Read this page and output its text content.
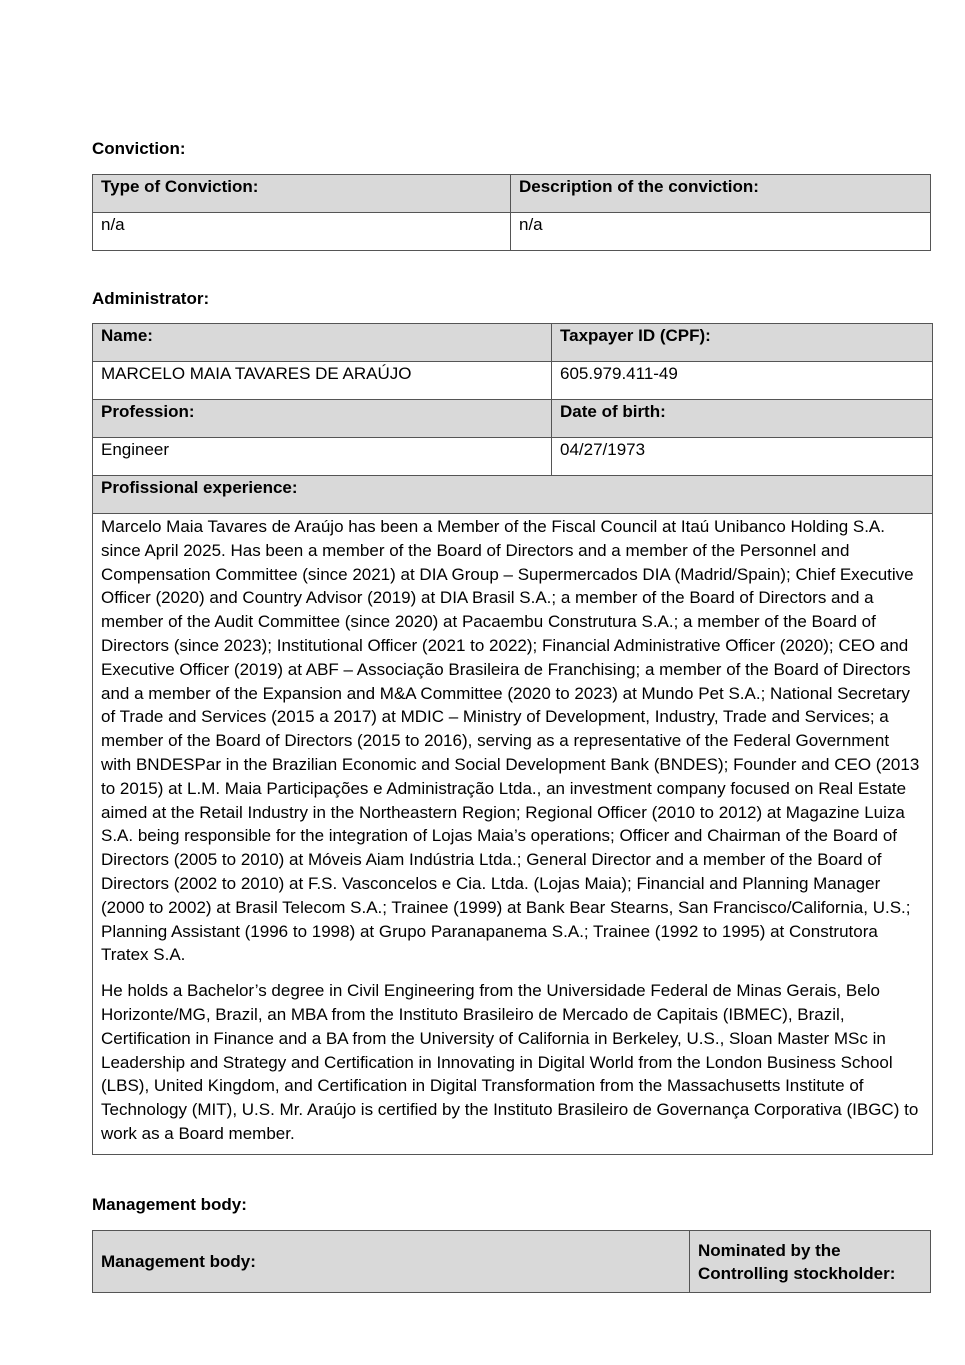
Conviction:
Type of Conviction:	Description of the conviction:
n/a	n/a
Administrator:
Name:	Taxpayer ID (CPF):
MARCELO MAIA TAVARES DE ARAÚJO	605.979.411-49
Profession:	Date of birth:
Engineer	04/27/1973
Profissional experience:	

Marcelo Maia Tavares de Araújo has been a Member of the Fiscal Council at Itaú Unibanco Holding S.A. since April 2025. Has been a member of the Board of Directors and a member of the Personnel and Compensation Committee (since 2021) at DIA Group – Supermercados DIA (Madrid/Spain); Chief Executive Officer (2020) and Country Advisor (2019) at DIA Brasil S.A.; a member of the Board of Directors and a member of the Audit Committee (since 2020) at Pacaembu Construtura S.A.; a member of the Board of Directors (since 2023); Institutional Officer (2021 to 2022); Financial Administrative Officer (2020); CEO and Executive Officer (2019) at ABF – Associação Brasileira de Franchising; a member of the Board of Directors and a member of the Expansion and M&A Committee (2020 to 2023) at Mundo Pet S.A.; National Secretary of Trade and Services (2015 a 2017) at MDIC – Ministry of Development, Industry, Trade and Services; a member of the Board of Directors (2015 to 2016), serving as a representative of the Federal Government with BNDESPar in the Brazilian Economic and Social Development Bank (BNDES); Founder and CEO (2013 to 2015) at L.M. Maia Participações e Administração Ltda., an investment company focused on Real Estate aimed at the Retail Industry in the Northeastern Region; Regional Officer (2010 to 2012) at Magazine Luiza S.A. being responsible for the integration of Lojas Maia’s operations; Officer and Chairman of the Board of Directors (2005 to 2010) at Móveis Aiam Indústria Ltda.; General Director and a member of the Board of Directors (2002 to 2010) at F.S. Vasconcelos e Cia. Ltda. (Lojas Maia); Financial and Planning Manager (2000 to 2002) at Brasil Telecom S.A.; Trainee (1999) at Bank Bear Stearns, San Francisco/California, U.S.; Planning Assistant (1996 to 1998) at Grupo Paranapanema S.A.; Trainee (1992 to 1995) at Construtora Tratex S.A.

He holds a Bachelor’s degree in Civil Engineering from the Universidade Federal de Minas Gerais, Belo Horizonte/MG, Brazil, an MBA from the Instituto Brasileiro de Mercado de Capitais (IBMEC), Brazil, Certification in Finance and a BA from the University of California in Berkeley, U.S., Sloan Master MSc in Leadership and Strategy and Certification in Innovating in Digital World from the London Business School (LBS), United Kingdom, and Certification in Digital Transformation from the Massachusetts Institute of Technology (MIT), U.S. Mr. Araújo is certified by the Instituto Brasileiro de Governança Corporativa (IBGC) to work as a Board member.	

Management body:
Management body:	Nominated by the Controlling stockholder:
